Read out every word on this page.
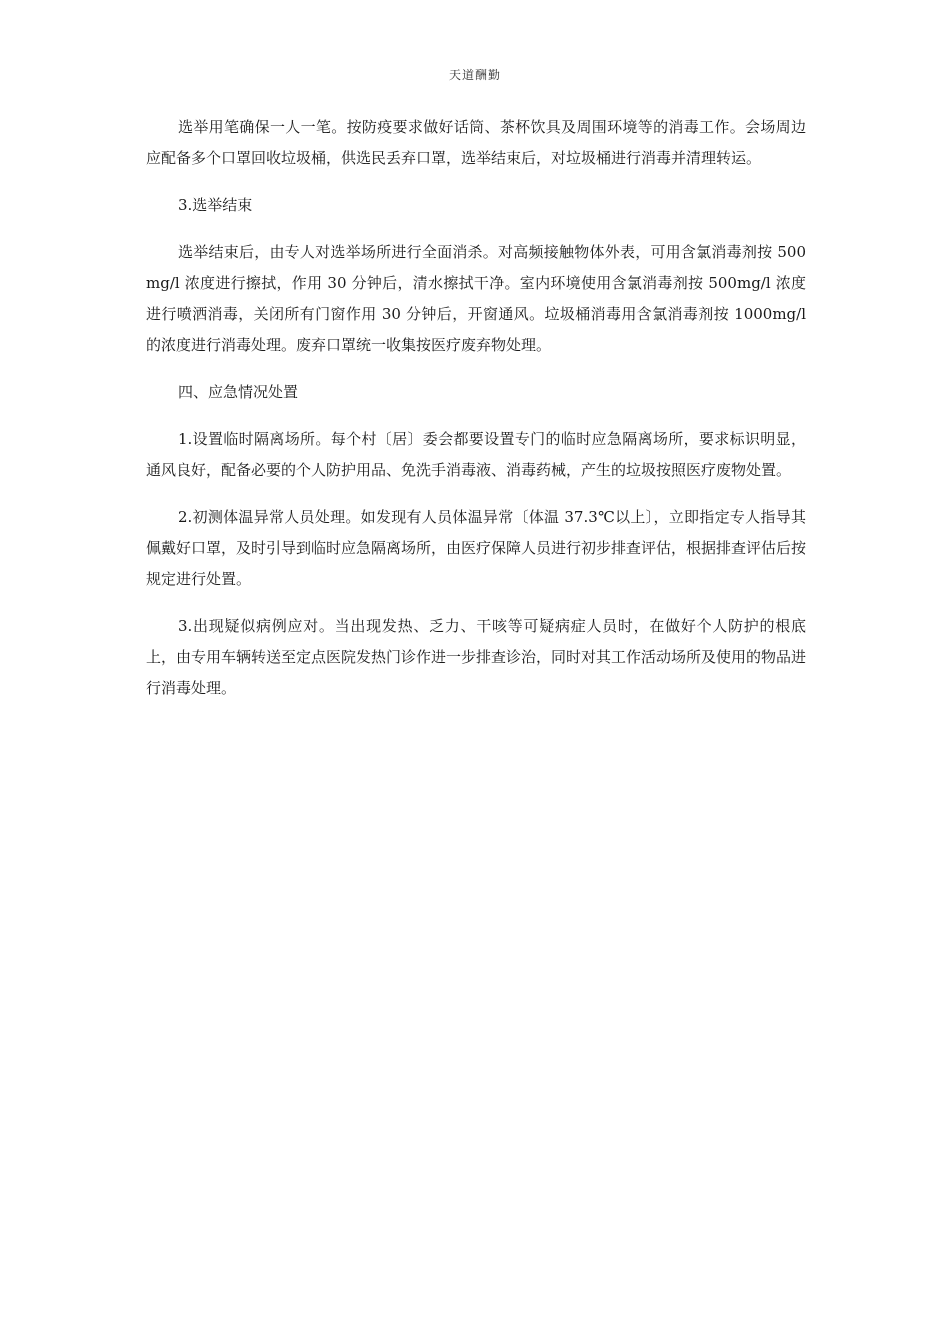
天道酬勤

选举用笔确保一人一笔。按防疫要求做好话筒、茶杯饮具及周围环境等的消毒工作。会场周边应配备多个口罩回收垃圾桶，供选民丢弃口罩，选举结束后，对垃圾桶进行消毒并清理转运。

3.选举结束

选举结束后，由专人对选举场所进行全面消杀。对高频接触物体外表，可用含氯消毒剂按 500mg/l 浓度进行擦拭，作用 30 分钟后，清水擦拭干净。室内环境使用含氯消毒剂按 500mg/l 浓度进行喷洒消毒，关闭所有门窗作用 30 分钟后，开窗通风。垃圾桶消毒用含氯消毒剂按 1000mg/l 的浓度进行消毒处理。废弃口罩统一收集按医疗废弃物处理。

四、应急情况处置

1.设置临时隔离场所。每个村〔居〕委会都要设置专门的临时应急隔离场所，要求标识明显，通风良好，配备必要的个人防护用品、免洗手消毒液、消毒药械，产生的垃圾按照医疗废物处置。

2.初测体温异常人员处理。如发现有人员体温异常〔体温 37.3℃以上〕，立即指定专人指导其佩戴好口罩，及时引导到临时应急隔离场所，由医疗保障人员进行初步排查评估，根据排查评估后按规定进行处置。

3.出现疑似病例应对。当出现发热、乏力、干咳等可疑病症人员时，在做好个人防护的根底上，由专用车辆转送至定点医院发热门诊作进一步排查诊治，同时对其工作活动场所及使用的物品进行消毒处理。
